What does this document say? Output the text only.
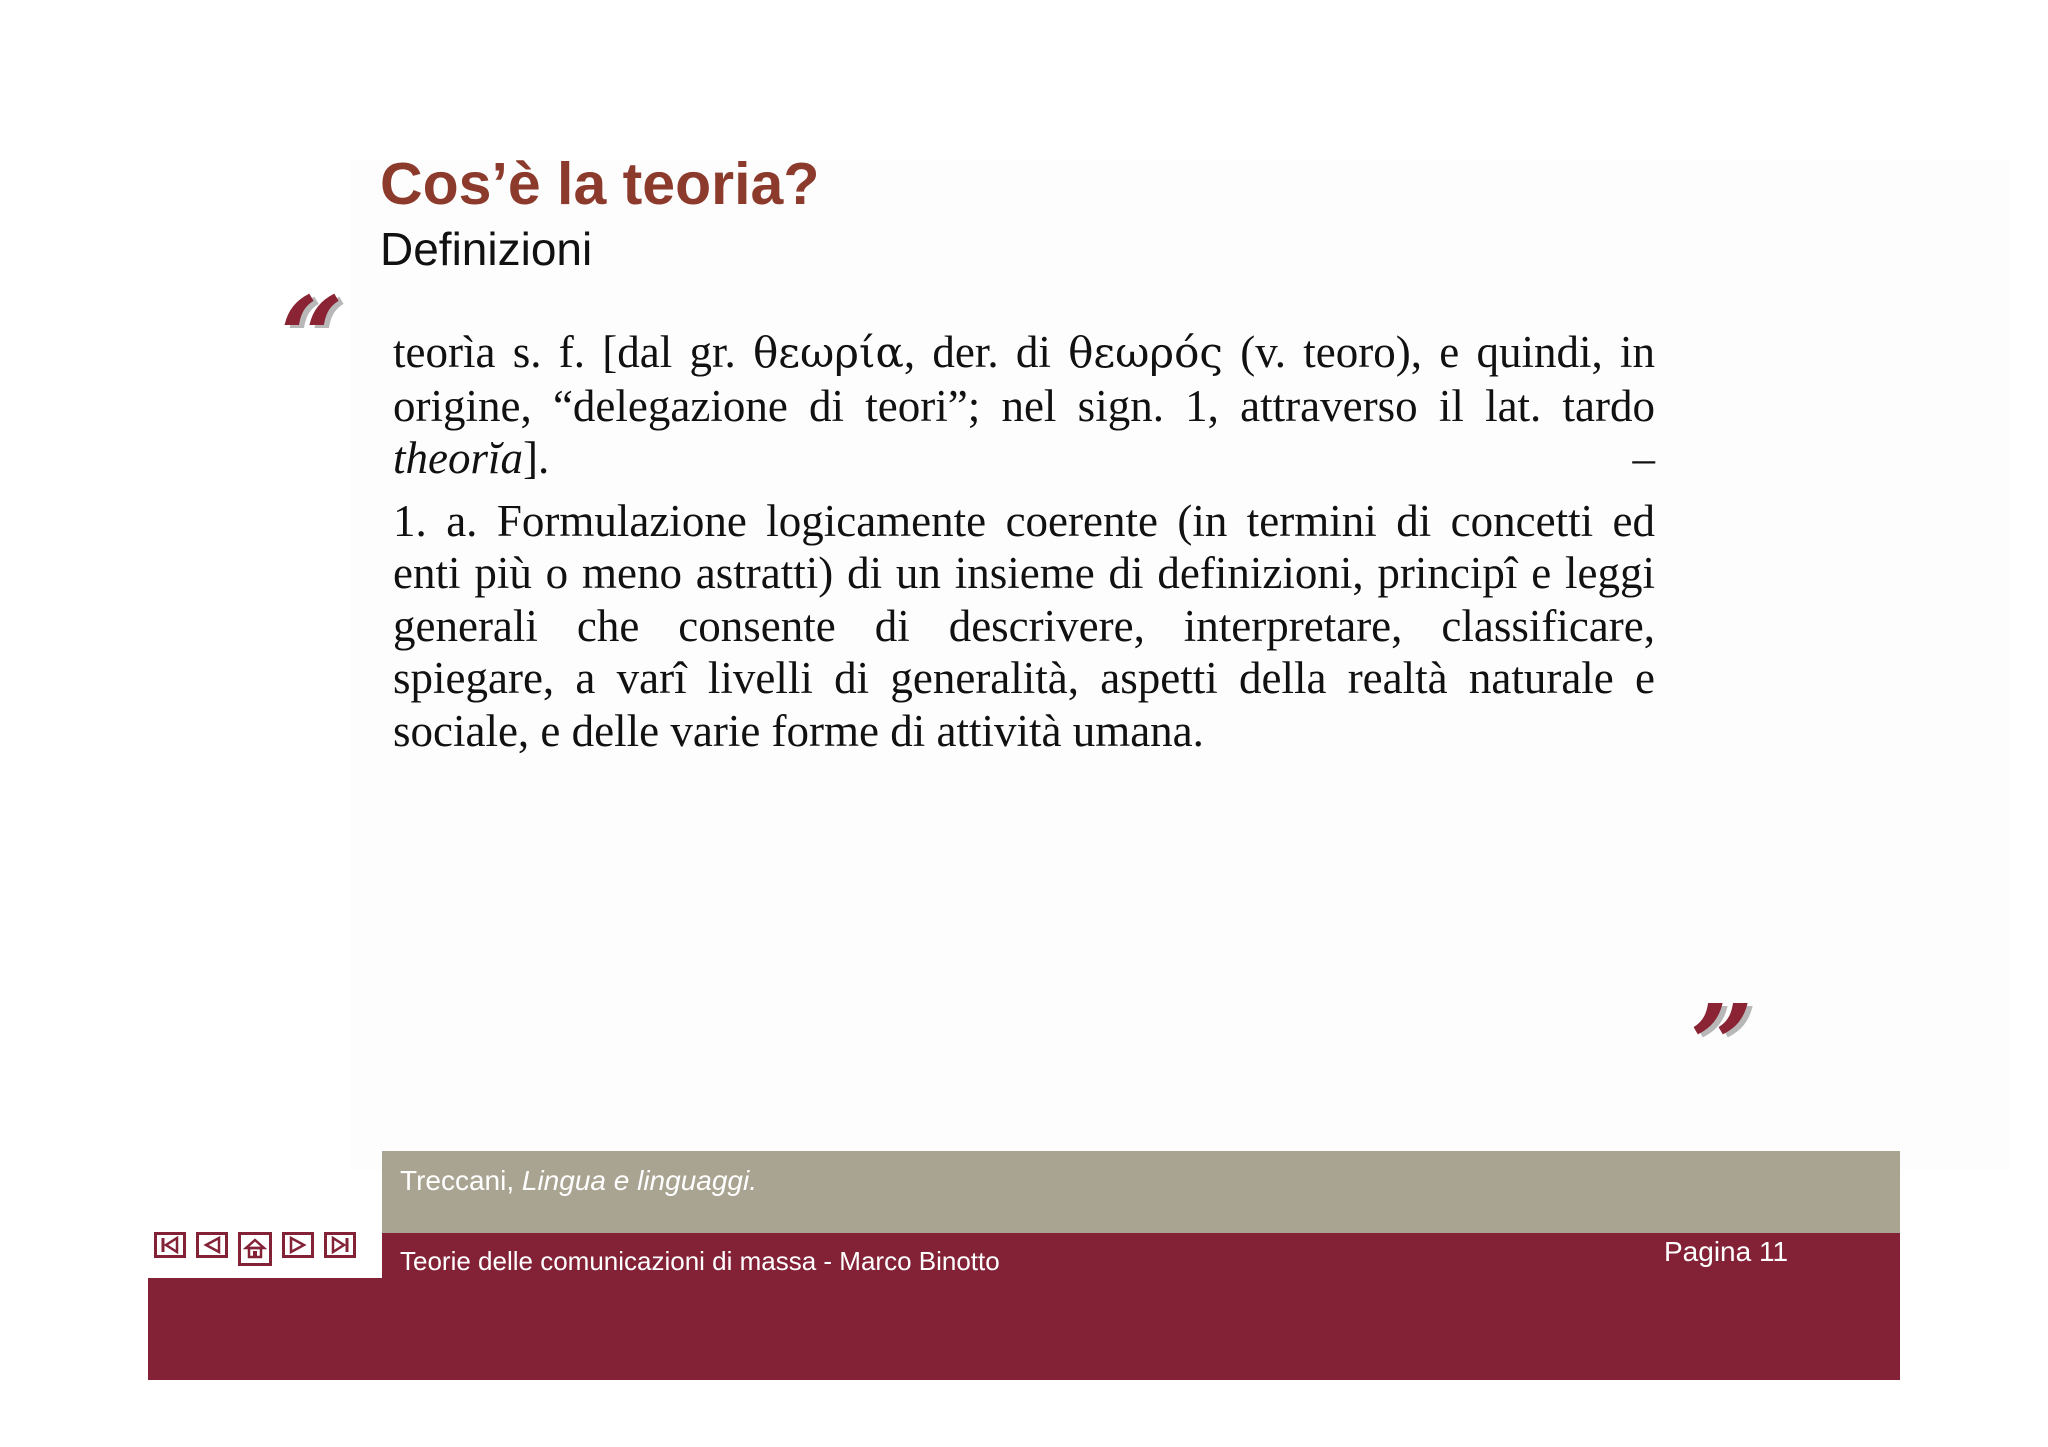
Cos’è la teoria?
Definizioni
“ teorìa s. f. [dal gr. θεωρία, der. di θεωρός (v. teoro), e quindi, in origine, “delegazione di teori”; nel sign. 1, attraverso il lat. tardo theorĭa]. –

1. a. Formulazione logicamente coerente (in termini di concetti ed enti più o meno astratti) di un insieme di definizioni, principî e leggi generali che consente di descrivere, interpretare, classificare, spiegare, a varî livelli di generalità, aspetti della realtà naturale e sociale, e delle varie forme di attività umana.

”
Treccani, Lingua e linguaggi.
Teorie delle comunicazioni di massa - Marco Binotto	Pagina 11
